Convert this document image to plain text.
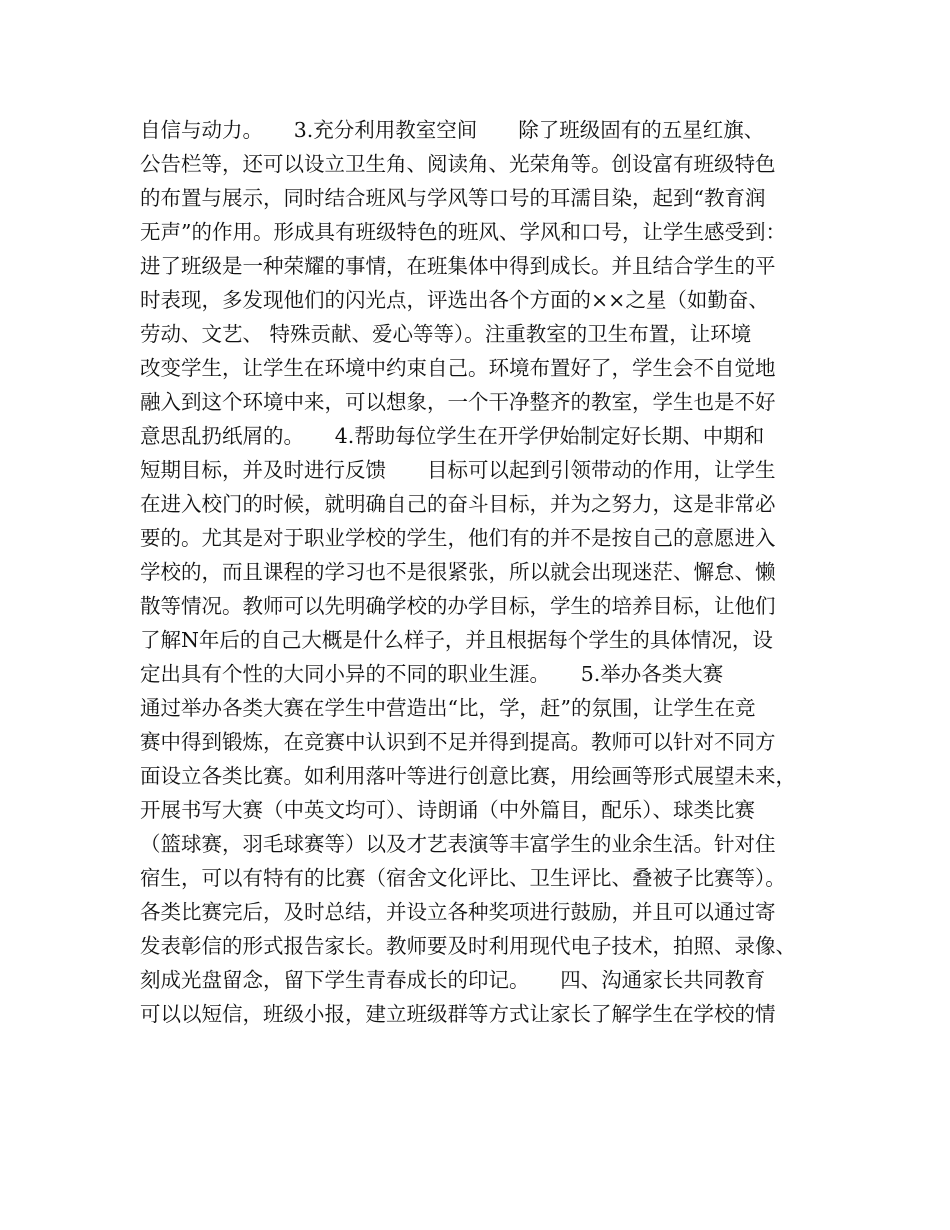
自信与动力。　　3.充分利用教室空间　　除了班级固有的五星红旗、
公告栏等，还可以设立卫生角、阅读角、光荣角等。创设富有班级特色
的布置与展示，同时结合班风与学风等口号的耳濡目染，起到“教育润
无声”的作用。形成具有班级特色的班风、学风和口号，让学生感受到：
进了班级是一种荣耀的事情，在班集体中得到成长。并且结合学生的平
时表现，多发现他们的闪光点，评选出各个方面的××之星（如勤奋、
劳动、文艺、 特殊贡献、爱心等等）。注重教室的卫生布置，让环境
改变学生，让学生在环境中约束自己。环境布置好了，学生会不自觉地
融入到这个环境中来，可以想象，一个干净整齐的教室，学生也是不好
意思乱扔纸屑的。　　4.帮助每位学生在开学伊始制定好长期、中期和
短期目标，并及时进行反馈　　目标可以起到引领带动的作用，让学生
在进入校门的时候，就明确自己的奋斗目标，并为之努力，这是非常必
要的。尤其是对于职业学校的学生，他们有的并不是按自己的意愿进入
学校的，而且课程的学习也不是很紧张，所以就会出现迷茫、懈怠、懒
散等情况。教师可以先明确学校的办学目标，学生的培养目标，让他们
了解N年后的自己大概是什么样子，并且根据每个学生的具体情况，设
定出具有个性的大同小异的不同的职业生涯。　　5.举办各类大赛
通过举办各类大赛在学生中营造出“比，学，赶”的氛围，让学生在竞
赛中得到锻炼，在竞赛中认识到不足并得到提高。教师可以针对不同方
面设立各类比赛。如利用落叶等进行创意比赛，用绘画等形式展望未来，
开展书写大赛（中英文均可）、诗朗诵（中外篇目，配乐）、球类比赛
（篮球赛，羽毛球赛等）以及才艺表演等丰富学生的业余生活。针对住
宿生，可以有特有的比赛（宿舍文化评比、卫生评比、叠被子比赛等）。
各类比赛完后，及时总结，并设立各种奖项进行鼓励，并且可以通过寄
发表彰信的形式报告家长。教师要及时利用现代电子技术，拍照、录像、
刻成光盘留念，留下学生青春成长的印记。　　四、沟通家长共同教育
可以以短信，班级小报，建立班级群等方式让家长了解学生在学校的情
